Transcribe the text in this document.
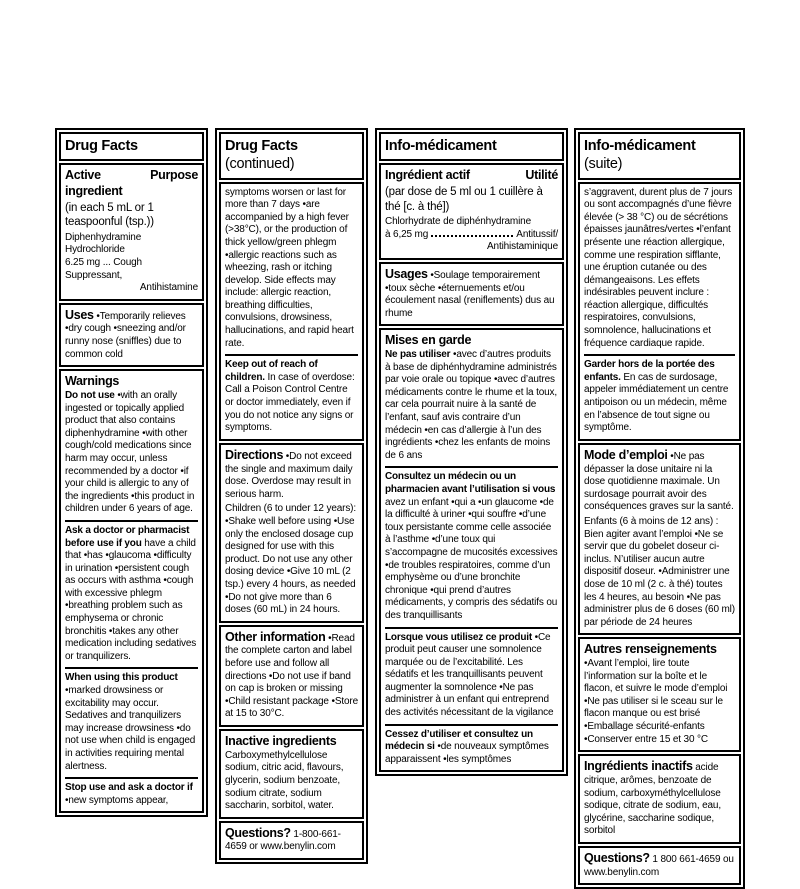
Drug Facts
Active ingredient
Purpose

(in each 5 mL or 1 teaspoonful (tsp.))

Diphenhydramine Hydrochloride

6.25 mg ... Cough Suppressant,

Antihistamine

Uses •Temporarily relieves •dry cough •sneezing and/or runny nose (sniffles) due to common cold

Warnings

Do not use •with an orally ingested or topically applied product that also contains diphenhydramine •with other cough/cold medications since harm may occur, unless recommended by a doctor •if your child is allergic to any of the ingredients •this product in children under 6 years of age.

Ask a doctor or pharmacist before use if you have a child that •has •glaucoma •difficulty in urination •persistent cough as occurs with asthma •cough with excessive phlegm •breathing problem such as emphysema or chronic bronchitis •takes any other medication including sedatives or tranquilizers.

When using this product •marked drowsiness or excitability may occur. Sedatives and tranquilizers may increase drowsiness •do not use when child is engaged in activities requiring mental alertness.

Stop use and ask a doctor if •new symptoms appear,

Drug Facts (continued)

symptoms worsen or last for more than 7 days •are accompanied by a high fever (>38°C), or the production of thick yellow/green phlegm •allergic reactions such as wheezing, rash or itching develop. Side effects may include: allergic reaction, breathing difficulties, convulsions, drowsiness, hallucinations, and rapid heart rate.

Keep out of reach of children. In case of overdose: Call a Poison Control Centre or doctor immediately, even if you do not notice any signs or symptoms.

Directions •Do not exceed the single and maximum daily dose. Overdose may result in serious harm.

Children (6 to under 12 years): •Shake well before using •Use only the enclosed dosage cup designed for use with this product. Do not use any other dosing device •Give 10 mL (2 tsp.) every 4 hours, as needed •Do not give more than 6 doses (60 mL) in 24 hours.

Other information •Read the complete carton and label before use and follow all directions •Do not use if band on cap is broken or missing •Child resistant package •Store at 15 to 30°C.

Inactive ingredients

Carboxymethylcellulose sodium, citric acid, flavours, glycerin, sodium benzoate, sodium citrate, sodium saccharin, sorbitol, water.

Questions? 1-800-661-4659 or www.benylin.com

Info-médicament
Ingrédient actif	Utilité

(par dose de 5 ml ou 1 cuillère à thé [c. à thé])

Chlorhydrate de diphénhydramine

à 6,25 mg	Antitussif/

Antihistaminique

Usages •Soulage temporairement •toux sèche •éternuements et/ou écoulement nasal (reniflements) dus au rhume

Mises en garde

Ne pas utiliser •avec d’autres produits à base de diphénhydramine administrés par voie orale ou topique •avec d’autres médicaments contre le rhume et la toux, car cela pourrait nuire à la santé de l’enfant, sauf avis contraire d’un médecin •en cas d’allergie à l’un des ingrédients •chez les enfants de moins de 6 ans

Consultez un médecin ou un pharmacien avant l’utilisation si vous avez un enfant •qui a •un glaucome •de la difficulté à uriner •qui souffre •d’une toux persistante comme celle associée à l’asthme •d’une toux qui s’accompagne de mucosités excessives •de troubles respiratoires, comme d’un emphysème ou d’une bronchite chronique •qui prend d’autres médicaments, y compris des sédatifs ou des tranquillisants

Lorsque vous utilisez ce produit •Ce produit peut causer une somnolence marquée ou de l’excitabilité. Les sédatifs et les tranquillisants peuvent augmenter la somnolence •Ne pas administrer à un enfant qui entreprend des activités nécessitant de la vigilance

Cessez d’utiliser et consultez un médecin si •de nouveaux symptômes apparaissent •les symptômes

Info-médicament (suite)

s’aggravent, durent plus de 7 jours ou sont accompagnés d’une fièvre élevée (> 38 °C) ou de sécrétions épaisses jaunâtres/vertes •l’enfant présente une réaction allergique, comme une respiration sifflante, une éruption cutanée ou des démangeaisons. Les effets indésirables peuvent inclure : réaction allergique, difficultés respiratoires, convulsions, somnolence, hallucinations et fréquence cardiaque rapide.

Garder hors de la portée des enfants. En cas de surdosage, appeler immédiatement un centre antipoison ou un médecin, même en l’absence de tout signe ou symptôme.

Mode d’emploi •Ne pas dépasser la dose unitaire ni la dose quotidienne maximale. Un surdosage pourrait avoir des conséquences graves sur la santé.

Enfants (6 à moins de 12 ans) : Bien agiter avant l’emploi •Ne se servir que du gobelet doseur ci-inclus. N’utiliser aucun autre dispositif doseur. •Administrer une dose de 10 ml (2 c. à thé) toutes les 4 heures, au besoin •Ne pas administrer plus de 6 doses (60 ml) par période de 24 heures

Autres renseignements •Avant l’emploi, lire toute l’information sur la boîte et le flacon, et suivre le mode d’emploi •Ne pas utiliser si le sceau sur le flacon manque ou est brisé •Emballage sécurité-enfants •Conserver entre 15 et 30 °C

Ingrédients inactifs acide citrique, arômes, benzoate de sodium, carboxyméthylcellulose sodique, citrate de sodium, eau, glycérine, saccharine sodique, sorbitol

Questions? 1 800 661-4659 ou www.benylin.com
